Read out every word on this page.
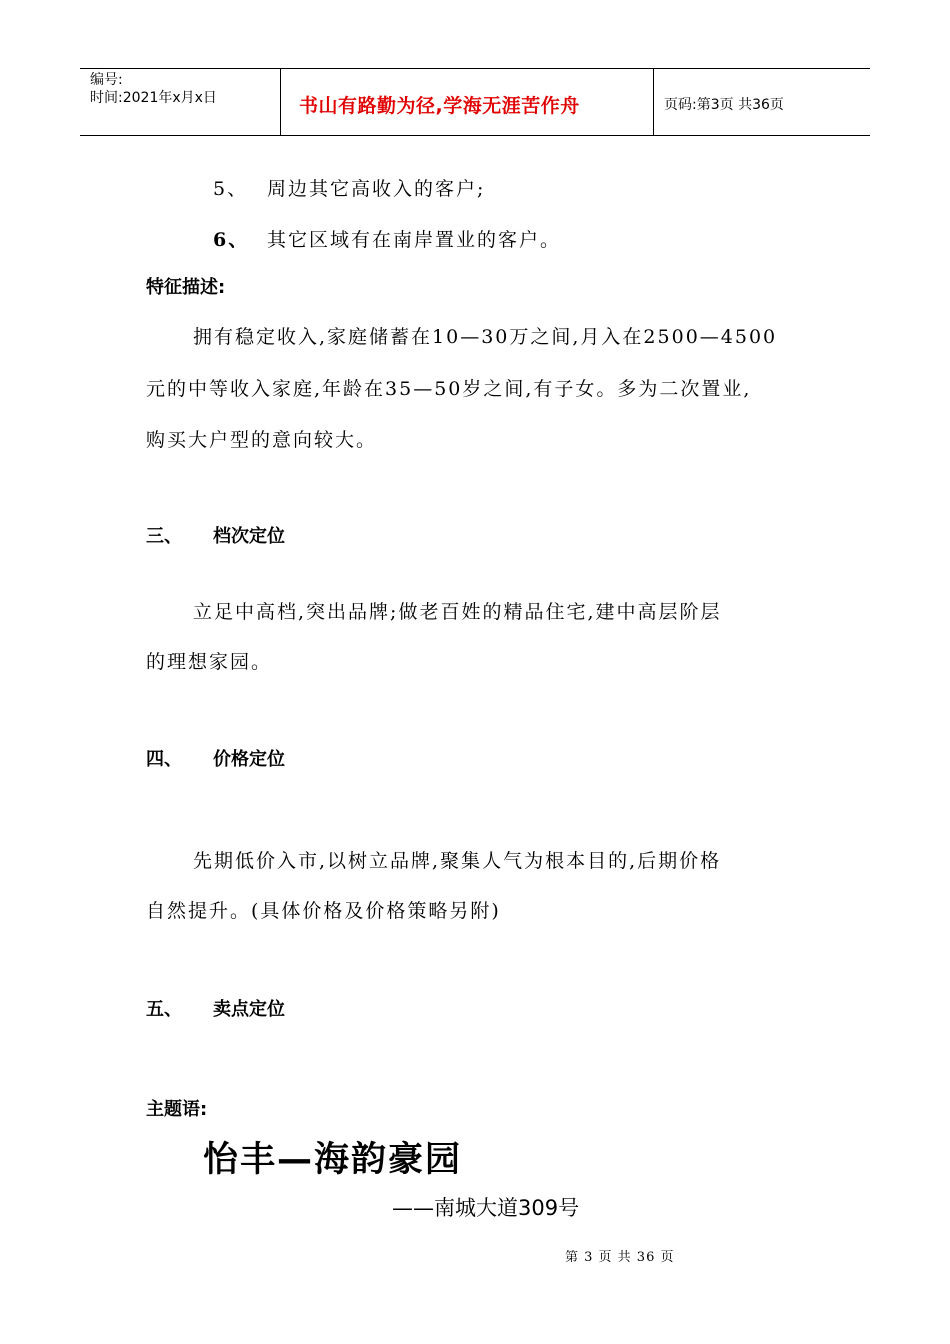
编号:
时间:2021年x月x日	书山有路勤为径,学海无涯苦作舟	页码:第3页 共36页
5、 周边其它高收入的客户;
6、 其它区域有在南岸置业的客户。
特征描述:
拥有稳定收入,家庭储蓄在10—30万之间,月入在2500—4500
元的中等收入家庭,年龄在35—50岁之间,有子女。多为二次置业,
购买大户型的意向较大。
三、 档次定位
立足中高档,突出品牌;做老百姓的精品住宅,建中高层阶层
的理想家园。
四、 价格定位
先期低价入市,以树立品牌,聚集人气为根本目的,后期价格
自然提升。(具体价格及价格策略另附)
五、 卖点定位
主题语:
怡丰—海韵豪园
——南城大道309号
第 3 页 共 36 页
